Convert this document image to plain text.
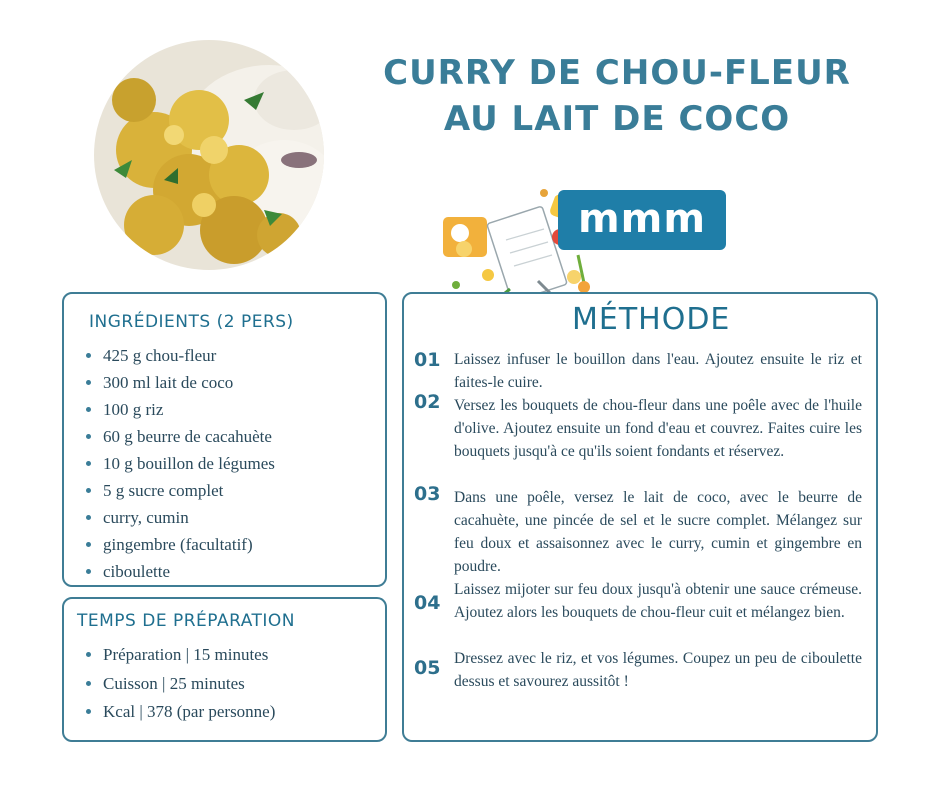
CURRY DE CHOU-FLEUR
AU LAIT DE COCO
mmm
INGRÉDIENTS (2 PERS)
425 g chou-fleur
300 ml lait de coco
100 g riz
60 g beurre de cacahuète
10 g bouillon de légumes
5 g sucre complet
curry, cumin
gingembre (facultatif)
ciboulette
TEMPS DE PRÉPARATION
Préparation | 15 minutes
Cuisson | 25 minutes
Kcal | 378 (par personne)
MÉTHODE
01 Laissez infuser le bouillon dans l'eau. Ajoutez ensuite le riz et faites-le cuire.
02 Versez les bouquets de chou-fleur dans une poêle avec de l'huile d'olive. Ajoutez ensuite un fond d'eau et couvrez. Faites cuire les bouquets jusqu'à ce qu'ils soient fondants et réservez.
03 Dans une poêle, versez le lait de coco, avec le beurre de cacahuète, une pincée de sel et le sucre complet. Mélangez sur feu doux et assaisonnez avec le curry, cumin et gingembre en poudre.
04
Laissez mijoter sur feu doux jusqu'à obtenir une sauce crémeuse. Ajoutez alors les bouquets de chou-fleur cuit et mélangez bien.
05 Dressez avec le riz, et vos légumes. Coupez un peu de ciboulette dessus et savourez aussitôt !
